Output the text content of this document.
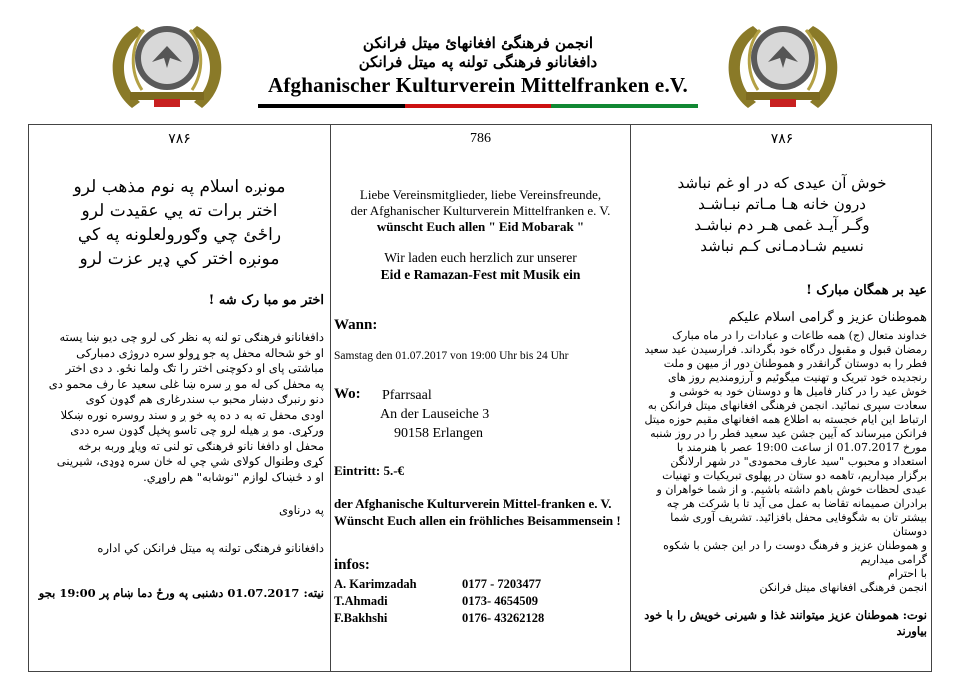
انجمن فرهنگئ افغانهائ میتل فرانکن
دافغانانو فرهنگی تولنه په میتل فرانکن
Afghanischer Kulturverein Mittelfranken e.V.
٧٨۶
مونږه اسلام په نوم مذهب لرو
اختر برات ته يي عقيدت لرو
راځئ چي وګورولعلونه په کي
مونږه اختر کي ډير عزت لرو
اختر مو مبا رک شه !
دافغانانو فرهنګی تو لنه په نظر کی لرو چی دیو ښا یسته
او خو شحاله محفل په جو ړولو سره دروژی دمبارکی
مباشتی پای او دکوچنی اختر را تګ ولما نځو. د دی اختر
په محفل کی له مو ږ سره ښا غلی سعید عا رف محمو دی
دنو رنبرګ دښار محبو ب سندرغاری هم ګډون کوی
اودی محفل ته به د ده په خو ږ و سند روسره نوره ښکلا
ورکړی. مو ږ هیله لرو چی تاسو پخپل ګډون سره ددی
محفل او دافغا نانو فرهنګی تو لنی ته ویاړ وربه برخه
کړی وطنوال کولای شي چي له خان سره ډوډی، شیرینی
او د څښاک لوازم "نوشابه" هم راوړي.
په درناوی
دافغانانو فرهنګی تولنه په میتل فرانکن کي اداره
نیته: 01.07.2017 دشنبی په ورځ دما ښام پر 19:00 بجو
786
Liebe Vereinsmitglieder, liebe Vereinsfreunde,
der Afghanischer Kulturverein Mittelfranken e. V.
wünscht Euch allen " Eid Mobarak "
Wir laden euch herzlich zur unserer
Eid e Ramazan-Fest mit Musik ein
Wann:
Samstag den 01.07.2017 von 19:00 Uhr bis 24 Uhr
Wo:	Pfarrsaal
An der Lauseiche 3
90158 Erlangen
Eintritt: 5.-€
der Afghanische Kulturverein Mittel-franken e. V. Wünscht Euch allen ein fröhliches Beisammensein !
infos:
A. Karimzadah	0177 - 7203477
T.Ahmadi	0173- 4654509
F.Bakhshi	0176- 43262128
٧٨۶
خوش آن عیدی که در او غم نباشد
درون خانه هـا مـاتم نبـاشـد
وگـر آیـد غمی هـر دم نباشـد
نسیم شـادمـانی کـم نباشد
عید بر همگان مبارک !
هموطنان عزیز و گرامی اسلام علیکم
خداوند متعال (ج) همه طاعات و عبادات را در ماه مبارک
رمضان قبول و مقبول درگاه خود بگرداند. فرارسیدن عید سعید
فطر را به دوستان گرانقدر و هموطنان دور از میهن و ملت
رنجدیده خود تبریک و تهنیت میگوئیم و آرزومندیم روز های
خوش عید را در کنار فامیل ها و دوستان خود به خوشی و
سعادت سپری نمائید. انجمن فرهنگی افغانهای میتل فرانکن به
ارتباط این ایام خجسته به اطلاع همه افغانهای مقیم حوزه میتل
فرانکن میرساند که آیین جشن عید سعید فطر را در روز شنبه
مورخ 01.07.2017 از ساعت 19:00 عصر با هنرمند با
استعداد و محبوب "سید عارف محمودی" در شهر ارلانگن
برگزار میداریم، تاهمه دو ستان در پهلوی تبریکیات و تهنیات
عیدی لحظات خوش باهم داشته باشیم. و از شما خواهران و
برادران صمیمانه تقاضا به عمل می آید تا با شرکت هر چه
بیشتر تان به شگوفایی محفل بافزائید. تشریف آوری شما دوستان
و هموطنان عزیز و فرهنگ دوست را در این جشن با شکوه
گرامی میداریم
با احترام
انجمن فرهنگی افغانهای میتل فرانکن
نوت: هموطنان عزیز میتوانند غذا و شیرنی خویش را با خود بیاورند
